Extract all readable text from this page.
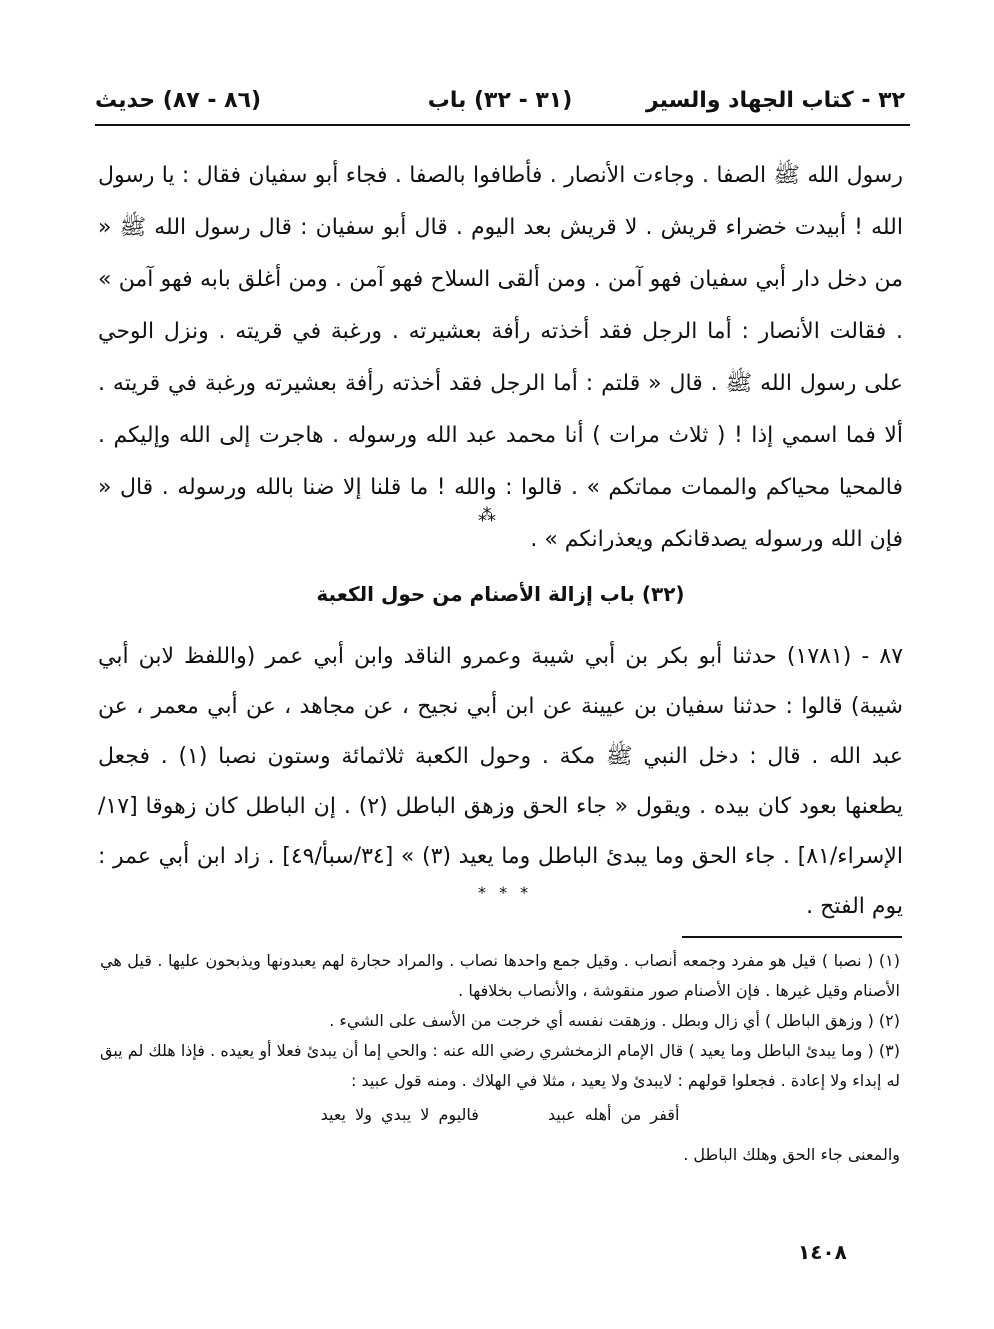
٣٢ - كتاب الجهاد والسير
(٣١ - ٣٢) باب
(٨٦ - ٨٧) حديث

رسول الله ﷺ الصفا . وجاءت الأنصار . فأطافوا بالصفا . فجاء أبو سفيان فقال : يا رسول الله ! أبيدت خضراء قريش . لا قريش بعد اليوم . قال أبو سفيان : قال رسول الله ﷺ « من دخل دار أبي سفيان فهو آمن . ومن ألقى السلاح فهو آمن . ومن أغلق بابه فهو آمن » . فقالت الأنصار : أما الرجل فقد أخذته رأفة بعشيرته . ورغبة في قريته . ونزل الوحي على رسول الله ﷺ . قال « قلتم : أما الرجل فقد أخذته رأفة بعشيرته ورغبة في قريته . ألا فما اسمي إذا ! ( ثلاث مرات ) أنا محمد عبد الله ورسوله . هاجرت إلى الله وإليكم . فالمحيا محياكم والممات مماتكم » . قالوا : والله ! ما قلنا إلا ضنا بالله ورسوله . قال « فإن الله ورسوله يصدقانكم ويعذرانكم » .

⁂
(٣٢) باب إزالة الأصنام من حول الكعبة

٨٧ - (١٧٨١) حدثنا أبو بكر بن أبي شيبة وعمرو الناقد وابن أبي عمر (واللفظ لابن أبي شيبة) قالوا : حدثنا سفيان بن عيينة عن ابن أبي نجيح ، عن مجاهد ، عن أبي معمر ، عن عبد الله . قال : دخل النبي ﷺ مكة . وحول الكعبة ثلاثمائة وستون نصبا (١) . فجعل يطعنها بعود كان بيده . ويقول « جاء الحق وزهق الباطل (٢) . إن الباطل كان زهوقا [١٧/الإسراء/٨١] . جاء الحق وما يبدئ الباطل وما يعيد (٣) » [٣٤/سبأ/٤٩] . زاد ابن أبي عمر : يوم الفتح .

* * *

(١) ( نصبا ) قيل هو مفرد وجمعه أنصاب . وقيل جمع واحدها نصاب . والمراد حجارة لهم يعبدونها ويذبحون عليها . قيل هي الأصنام وقيل غيرها . فإن الأصنام صور منقوشة ، والأنصاب بخلافها .

(٢) ( وزهق الباطل ) أي زال وبطل . وزهقت نفسه أي خرجت من الأسف على الشيء .

(٣) ( وما يبدئ الباطل وما يعيد ) قال الإمام الزمخشري رضي الله عنه : والحي إما أن يبدئ فعلا أو يعيده . فإذا هلك لم يبق له إبداء ولا إعادة . فجعلوا قولهم : لايبدئ ولا يعيد ، مثلا في الهلاك . ومنه قول عبيد :

أقفر من أهله عبيد فاليوم لا يبدي ولا يعيد

والمعنى جاء الحق وهلك الباطل .

١٤٠٨
